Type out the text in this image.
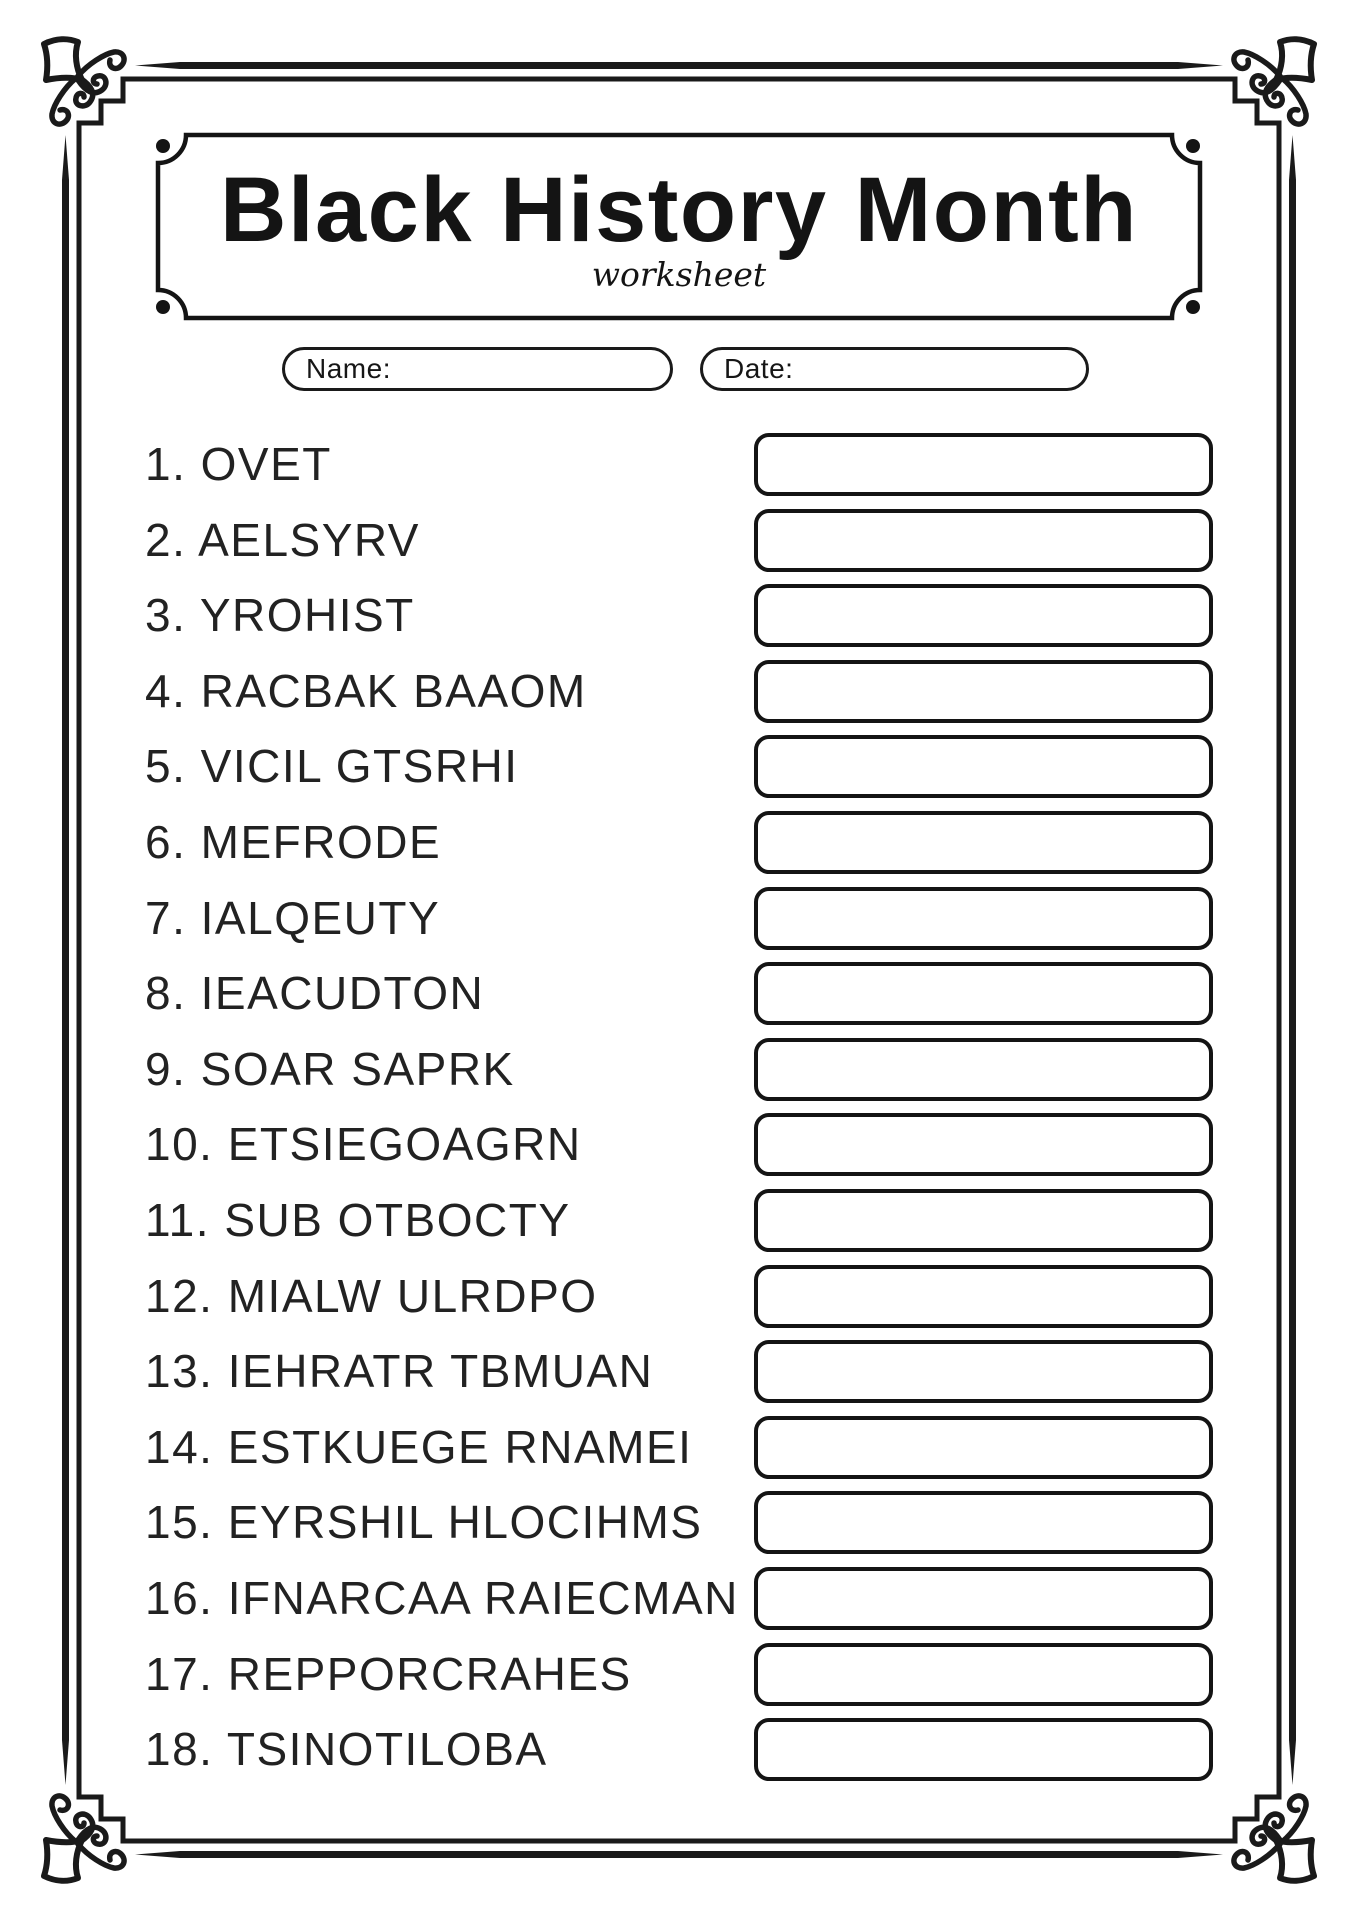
Black History Month
worksheet
Name:	Date:
1. OVET
2. AELSYRV
3. YROHIST
4. RACBAK BAAOM
5. VICIL GTSRHI
6. MEFRODE
7. IALQEUTY
8. IEACUDTON
9. SOAR SAPRK
10. ETSIEGOAGRN
11. SUB OTBOCTY
12. MIALW ULRDPO
13. IEHRATR TBMUAN
14. ESTKUEGE RNAMEI
15. EYRSHIL HLOCIHMS
16. IFNARCAA RAIECMAN
17. REPPORCRAHES
18. TSINOTILOBA
